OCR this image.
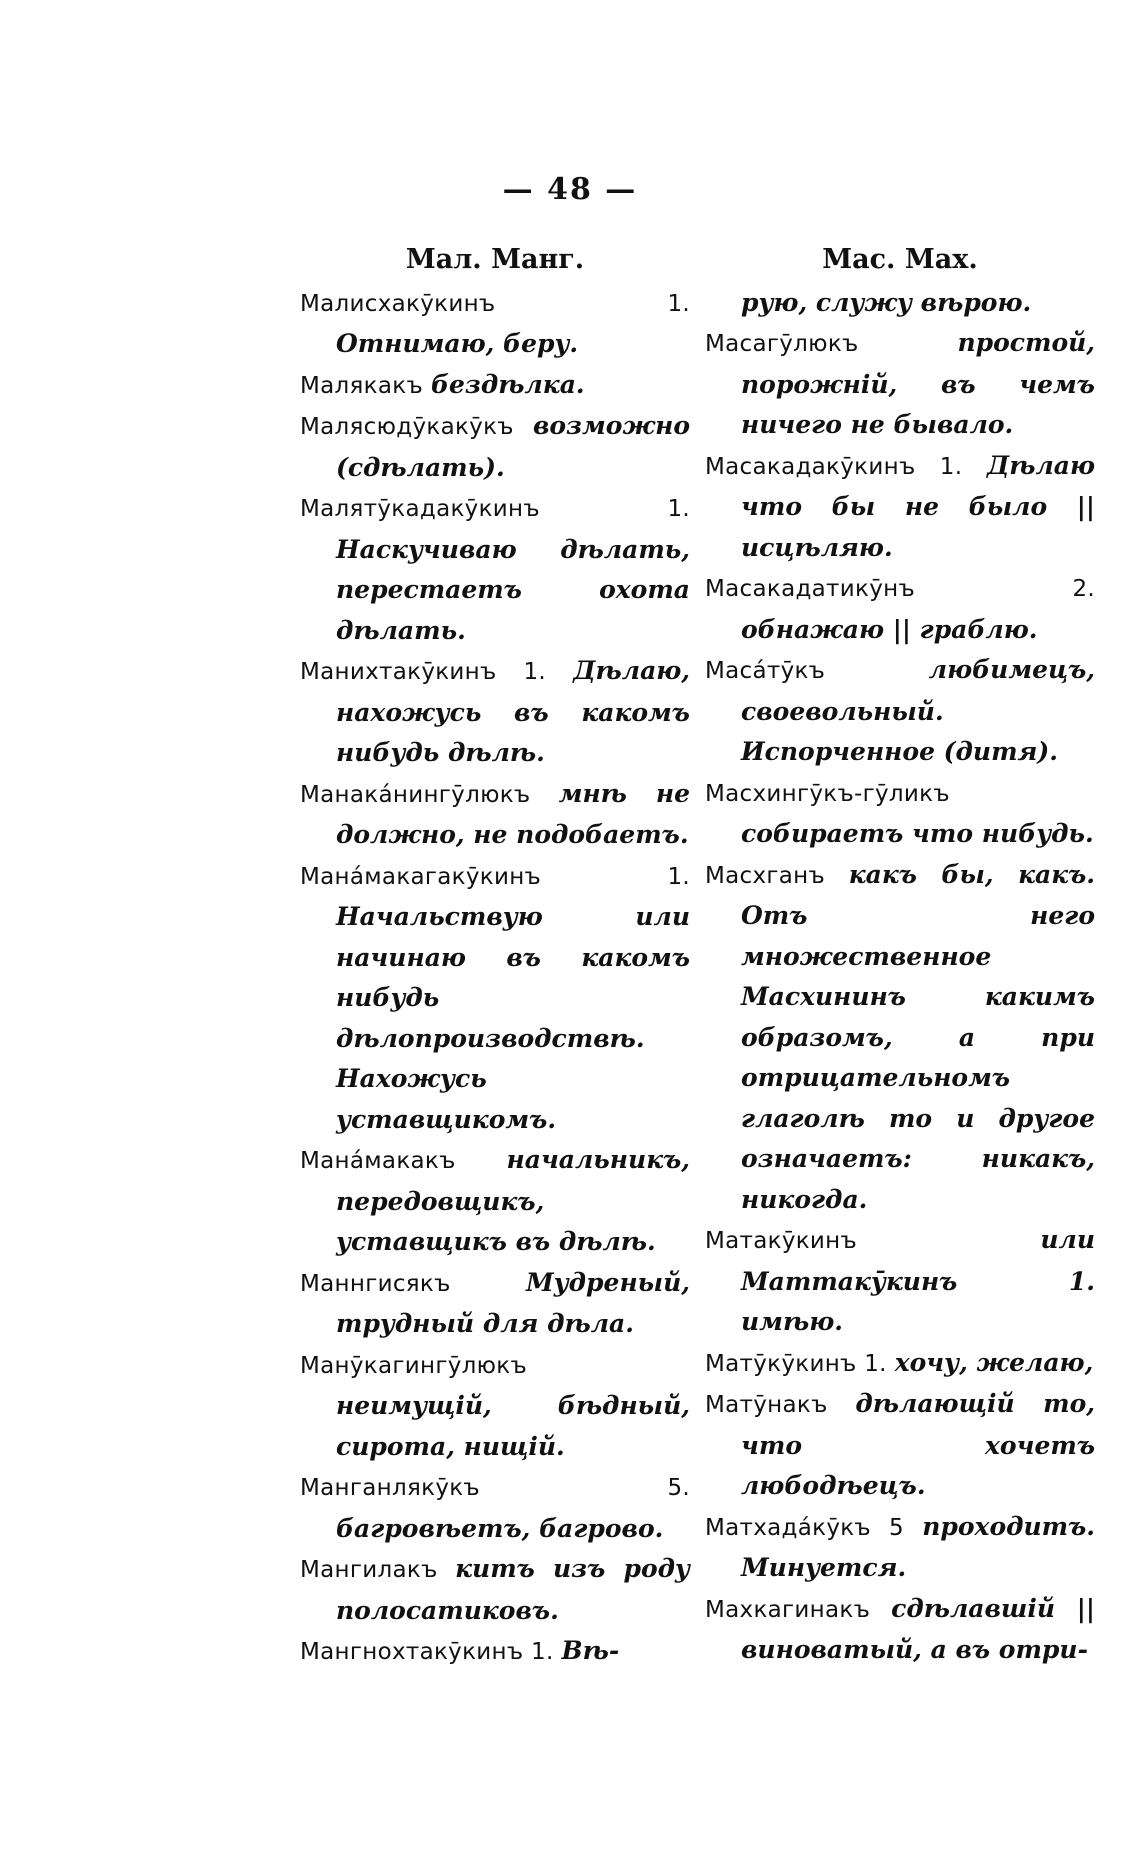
— 48 —
Мал. Манг.
Малисхакӯкинъ 1. Отнимаю, беру.
Малякакъ бездѣлка.
Малясюдӯкакӯкъ возможно (сдѣлать).
Малятӯкадакӯкинъ 1. Наскучиваю дѣлать, перестаетъ охота дѣлать.
Маниxтакӯкинъ 1. Дѣлаю, нахожусь въ какомъ нибудь дѣлѣ.
Манакáнингӯлюкъ мнѣ не должно, не подобаетъ.
Манáмакагакӯкинъ 1. Начальствую или начинаю въ какомъ нибудь дѣлопроизводствѣ. Нахожусь уставщикомъ.
Манáмакакъ начальникъ, передовщикъ, уставщикъ въ дѣлѣ.
Маннгисякъ	Мудреный, трудный для дѣла.
Манӯкагингӯлюкъ неимущій, бѣдный, сирота, нищій.
Манганлякӯкъ 5. багровѣетъ, багрово.
Мангилакъ китъ изъ роду полосатиковъ.
Мангнохтакӯкинъ 1. Вѣ-
Мас. Мах.
рую, служу вѣрою.
Масагӯлюкъ	простой, порожній, въ чемъ ничего не бывало.
Масакадакӯкинъ 1. Дѣлаю что бы не было || исцѣляю.
Масакадатикӯнъ 2. обнажаю || граблю.
Масáтӯкъ	любимецъ, своевольный. Испорченное (дитя).
Масхингӯкъ-гӯликъ собираетъ что нибудь.
Масхганъ какъ бы, какъ. Отъ него множественное Масхининъ какимъ образомъ, а при отрицательномъ глаголѣ то и другое означаетъ: никакъ, никогда.
Матакӯкинъ	или Маттакӯкинъ 1. имѣю.
Матӯкӯкинъ 1. хочу, желаю,
Матӯнакъ дѣлающій то, что хочетъ любодѣецъ.
Матхадáкӯкъ 5 проходитъ. Минуется.
Махкагинакъ сдѣлавшій || виноватый, а въ отри-
